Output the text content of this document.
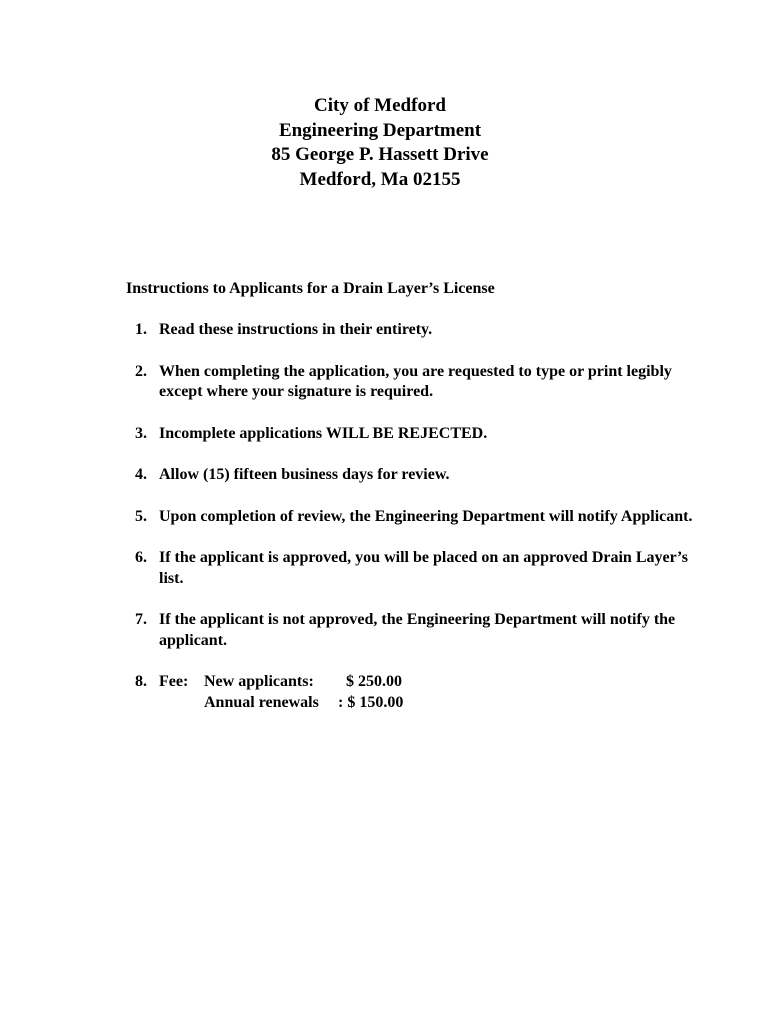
City of Medford
Engineering Department
85 George P. Hassett Drive
Medford, Ma 02155
Instructions to Applicants for a Drain Layer’s License
1. Read these instructions in their entirety.
2. When completing the application, you are requested to type or print legibly except where your signature is required.
3. Incomplete applications WILL BE REJECTED.
4. Allow (15) fifteen business days for review.
5. Upon completion of review, the Engineering Department will notify Applicant.
6. If the applicant is approved, you will be placed on an approved Drain Layer’s list.
7. If the applicant is not approved, the Engineering Department will notify the applicant.
8. Fee: New applicants:	$ 250.00
Annual renewals	: $ 150.00
